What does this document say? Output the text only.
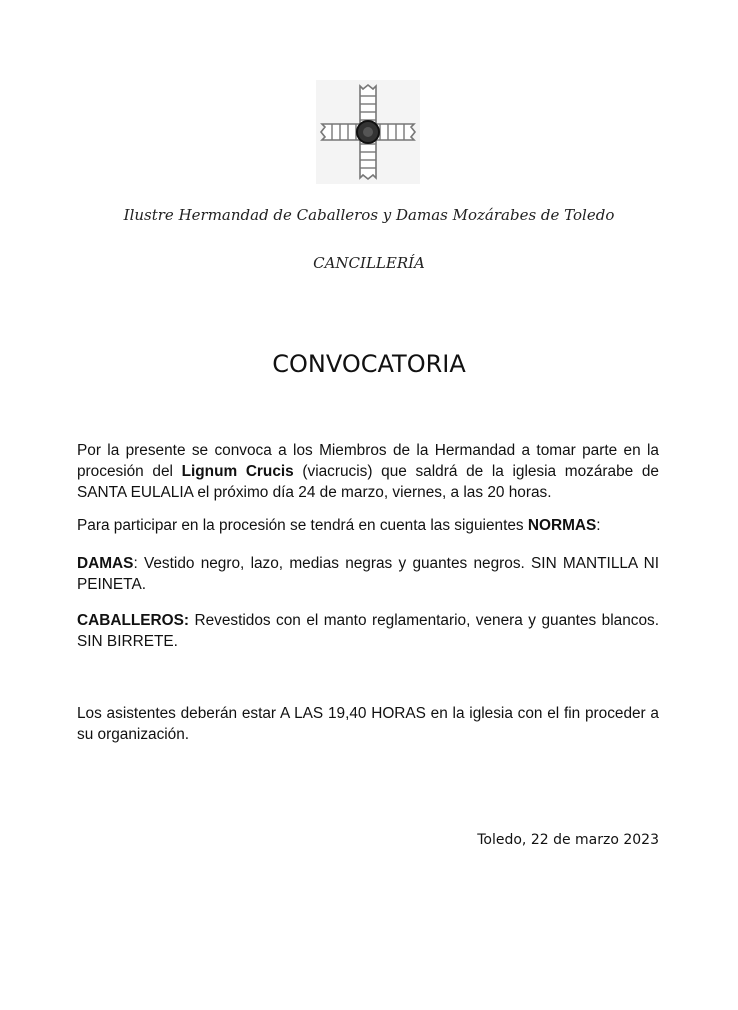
Ilustre Hermandad de Caballeros y Damas Mozárabes de Toledo
CANCILLERÍA
CONVOCATORIA

Por la presente se convoca a los Miembros de la Hermandad a tomar parte en la procesión del Lignum Crucis (viacrucis) que saldrá de la iglesia mozárabe de SANTA EULALIA el próximo día 24 de marzo, viernes, a las 20 horas.

Para participar en la procesión se tendrá en cuenta las siguientes NORMAS:

DAMAS: Vestido negro, lazo, medias negras y guantes negros. SIN MANTILLA NI PEINETA.

CABALLEROS: Revestidos con el manto reglamentario, venera y guantes blancos. SIN BIRRETE.

Los asistentes deberán estar A LAS 19,40 HORAS en la iglesia con el fin proceder a su organización.

Toledo, 22 de marzo 2023
